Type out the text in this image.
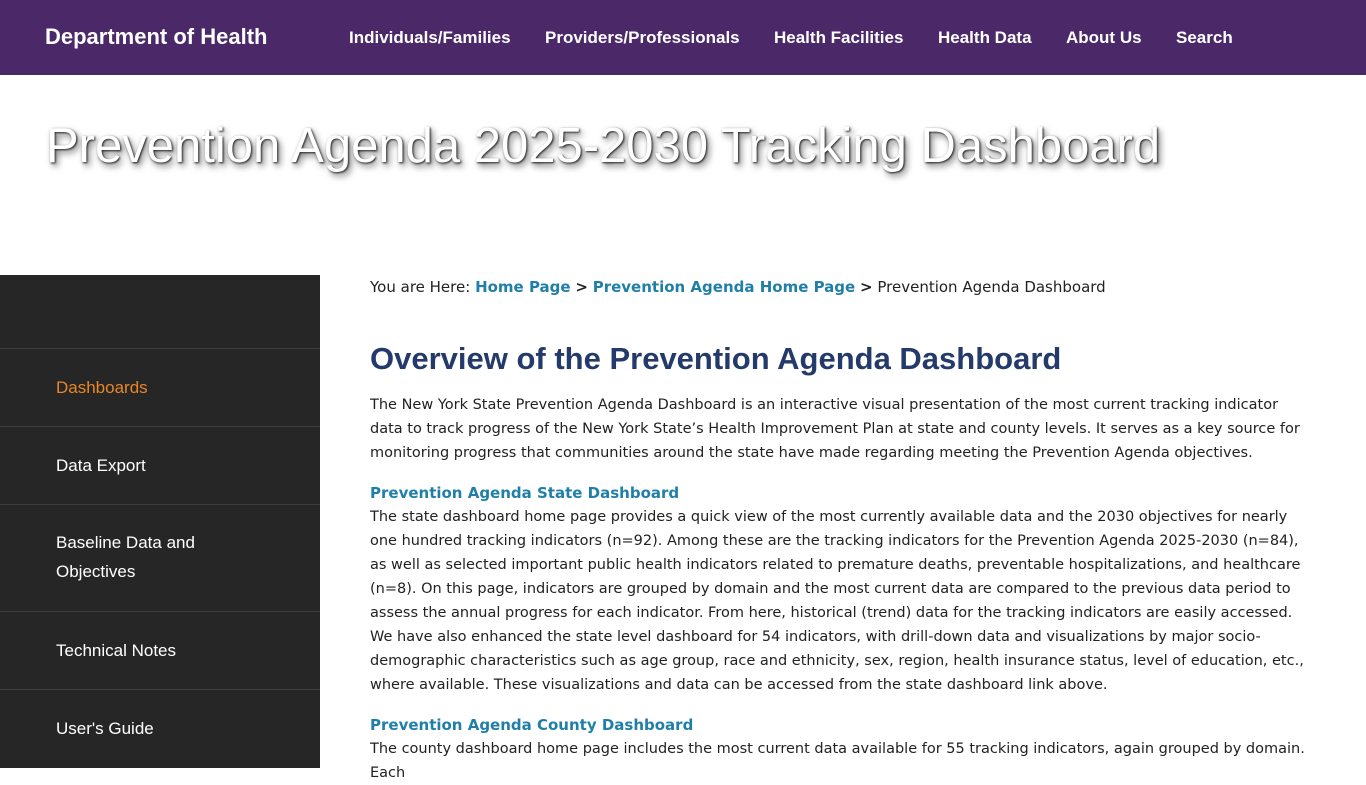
Department of Health	Individuals/Families Providers/Professionals Health Facilities Health Data About Us Search
Prevention Agenda 2025-2030 Tracking Dashboard
Dashboards
Data Export
Baseline Data and Objectives
Technical Notes
User's Guide
You are Here: Home Page > Prevention Agenda Home Page > Prevention Agenda Dashboard
Overview of the Prevention Agenda Dashboard

The New York State Prevention Agenda Dashboard is an interactive visual presentation of the most current tracking indicator data to track progress of the New York State’s Health Improvement Plan at state and county levels. It serves as a key source for monitoring progress that communities around the state have made regarding meeting the Prevention Agenda objectives.

Prevention Agenda State Dashboard

The state dashboard home page provides a quick view of the most currently available data and the 2030 objectives for nearly one hundred tracking indicators (n=92). Among these are the tracking indicators for the Prevention Agenda 2025-2030 (n=84), as well as selected important public health indicators related to premature deaths, preventable hospitalizations, and healthcare (n=8). On this page, indicators are grouped by domain and the most current data are compared to the previous data period to assess the annual progress for each indicator. From here, historical (trend) data for the tracking indicators are easily accessed. We have also enhanced the state level dashboard for 54 indicators, with drill-down data and visualizations by major socio-demographic characteristics such as age group, race and ethnicity, sex, region, health insurance status, level of education, etc., where available. These visualizations and data can be accessed from the state dashboard link above.

Prevention Agenda County Dashboard

The county dashboard home page includes the most current data available for 55 tracking indicators, again grouped by domain. Each
